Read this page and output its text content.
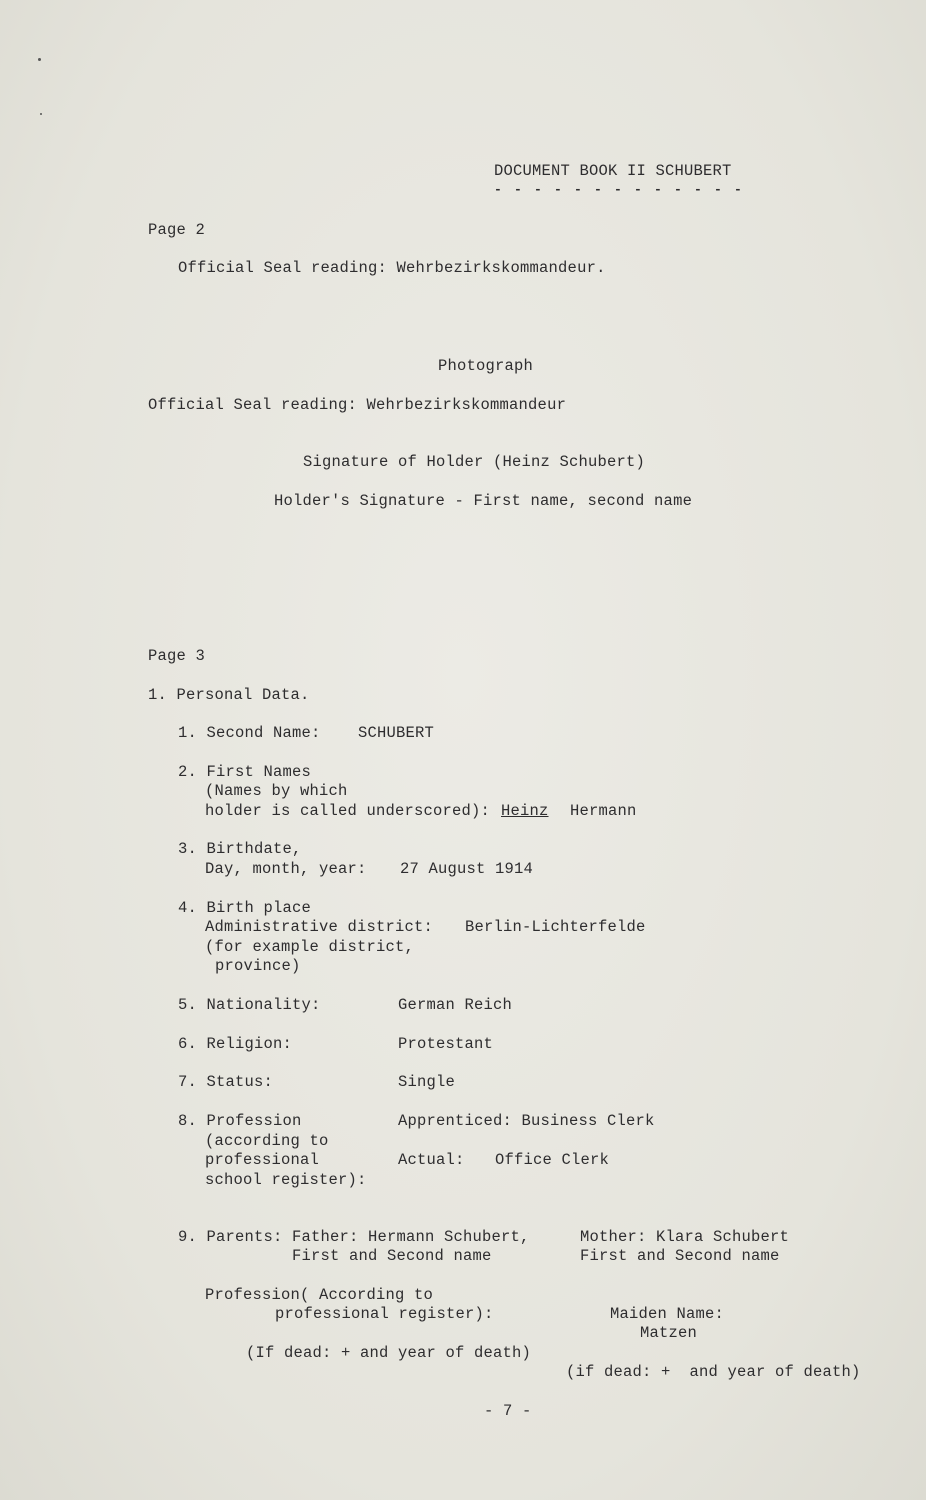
DOCUMENT BOOK II SCHUBERT
- - - - - - - - - - - - -
Page 2
Official Seal reading: Wehrbezirkskommandeur.
Photograph
Official Seal reading: Wehrbezirkskommandeur
Signature of Holder (Heinz Schubert)
Holder's Signature - First name, second name
Page 3
1. Personal Data.
1. Second Name: SCHUBERT
2. First Names
(Names by which
holder is called underscored): Heinz Hermann
3. Birthdate,
Day, month, year: 27 August 1914
4. Birth place
Administrative district: Berlin-Lichterfelde
(for example district,
province)
5. Nationality:	German Reich
6. Religion:	Protestant
7. Status:	Single
8. Profession
(according to
professional
school register):
Apprenticed: Business Clerk
Actual: Office Clerk
9. Parents: Father: Hermann Schubert,
First and Second name
Mother: Klara Schubert
First and Second name
Profession( According to
professional register):	Maiden Name:
Matzen
(If dead: + and year of death)
(if dead: +  and year of death)
- 7 -
